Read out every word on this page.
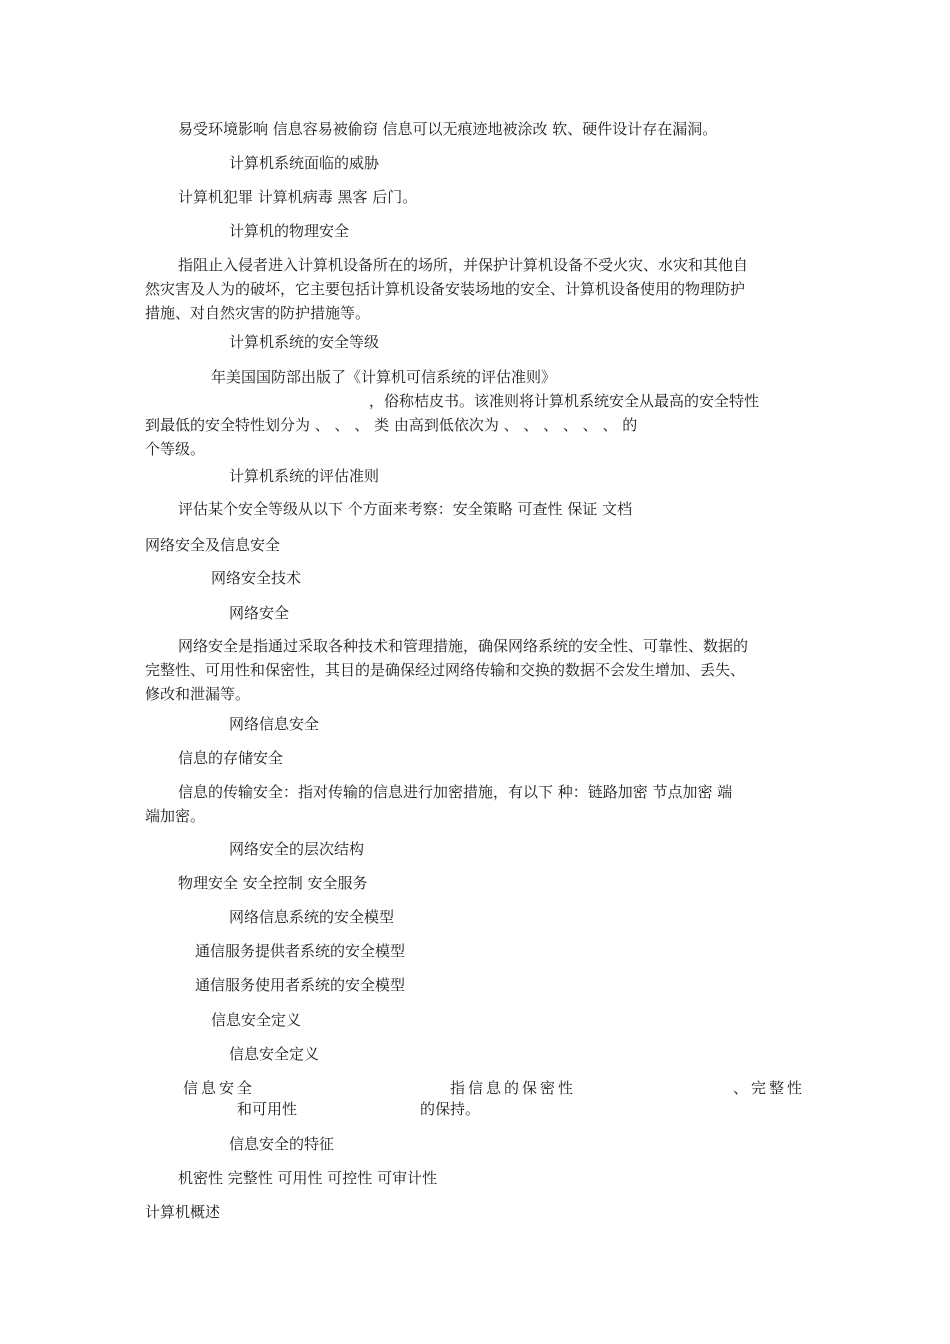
易受环境影响 信息容易被偷窃 信息可以无痕迹地被涂改 软、硬件设计存在漏洞。
计算机系统面临的威胁
计算机犯罪 计算机病毒 黑客 后门。
计算机的物理安全
指阻止入侵者进入计算机设备所在的场所，并保护计算机设备不受火灾、水灾和其他自
然灾害及人为的破坏，它主要包括计算机设备安装场地的安全、计算机设备使用的物理防护
措施、对自然灾害的防护措施等。
计算机系统的安全等级
年美国国防部出版了《计算机可信系统的评估准则》
，俗称桔皮书。该准则将计算机系统安全从最高的安全特性
到最低的安全特性划分为 、 、 、 类 由高到低依次为 、 、 、 、 、 、 的
个等级。
计算机系统的评估准则
评估某个安全等级从以下 个方面来考察：安全策略 可查性 保证 文档
网络安全及信息安全
网络安全技术
网络安全
网络安全是指通过采取各种技术和管理措施，确保网络系统的安全性、可靠性、数据的
完整性、可用性和保密性，其目的是确保经过网络传输和交换的数据不会发生增加、丢失、
修改和泄漏等。
网络信息安全
信息的存储安全
信息的传输安全：指对传输的信息进行加密措施，有以下 种：链路加密 节点加密 端
端加密。
网络安全的层次结构
物理安全 安全控制 安全服务
网络信息系统的安全模型
通信服务提供者系统的安全模型
通信服务使用者系统的安全模型
信息安全定义
信息安全定义
信息安全	指信息的保密性	、完整性
和可用性	的保持。
信息安全的特征
机密性 完整性 可用性 可控性 可审计性
计算机概述
